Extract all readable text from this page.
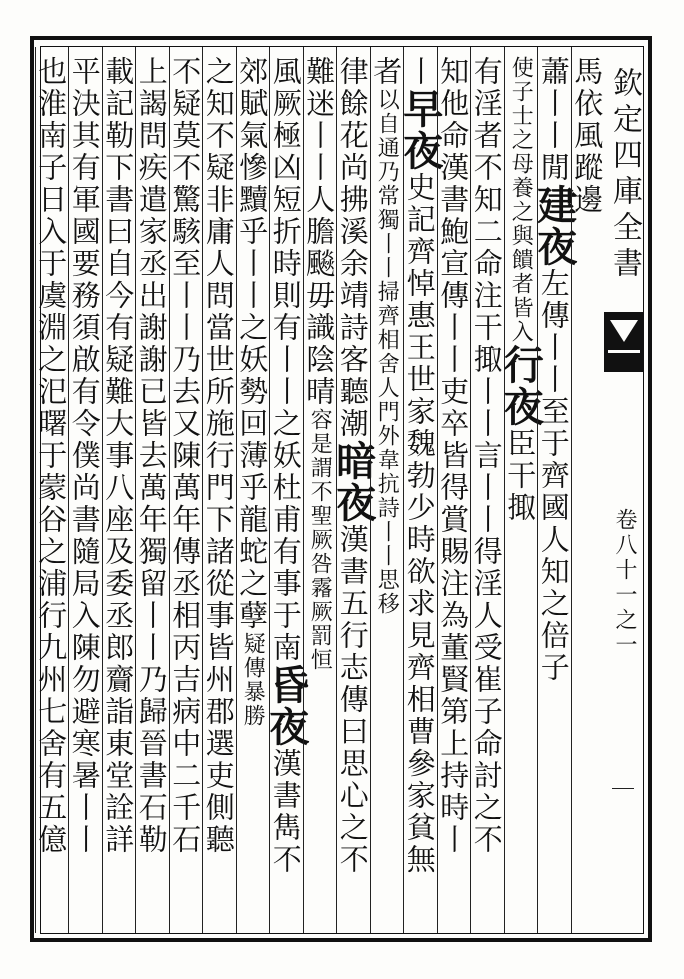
欽定四庫全書
卷八十一之一
馬依風蹤邊
蕭丨丨閒建夜左傳丨丨至于齊國人知之倍子
使子士之母養之與饋者皆入行夜臣干掫
有淫者不知二命注干掫丨丨言丨丨得淫人受崔子命討之不
知他命漢書鮑宣傳丨丨吏卒皆得賞賜注為董賢第上持時丨
丨早夜史記齊悼惠王世家魏勃少時欲求見齊相曹參家貧無
者以自通乃常獨丨丨掃齊相舍人門外韋抗詩丨丨思移
律餘花尚拂溪余靖詩客聽潮暗夜漢書五行志傳曰思心之不
難迷丨丨人膽飈毋識陰晴容是謂不聖厥咎霿厥罰恒
風厥極凶短折時則有丨丨之妖杜甫有事于南昏夜漢書雋不
郊賦氣慘黷乎丨丨之妖勢回薄乎龍蛇之孽疑傳暴勝
之知不疑非庸人問當世所施行門下諸從事皆州郡選吏側聽
不疑莫不驚駭至丨丨乃去又陳萬年傳丞相丙吉病中二千石
上謁問疾遣家丞出謝謝已皆去萬年獨留丨丨乃歸晉書石勒
載記勒下書曰自今有疑難大事八座及委丞郎齎詣東堂詮詳
平決其有軍國要務須啟有令僕尚書隨局入陳勿避寒暑丨丨
也淮南子日入于虞淵之汜曙于蒙谷之浦行九州七舍有五億
